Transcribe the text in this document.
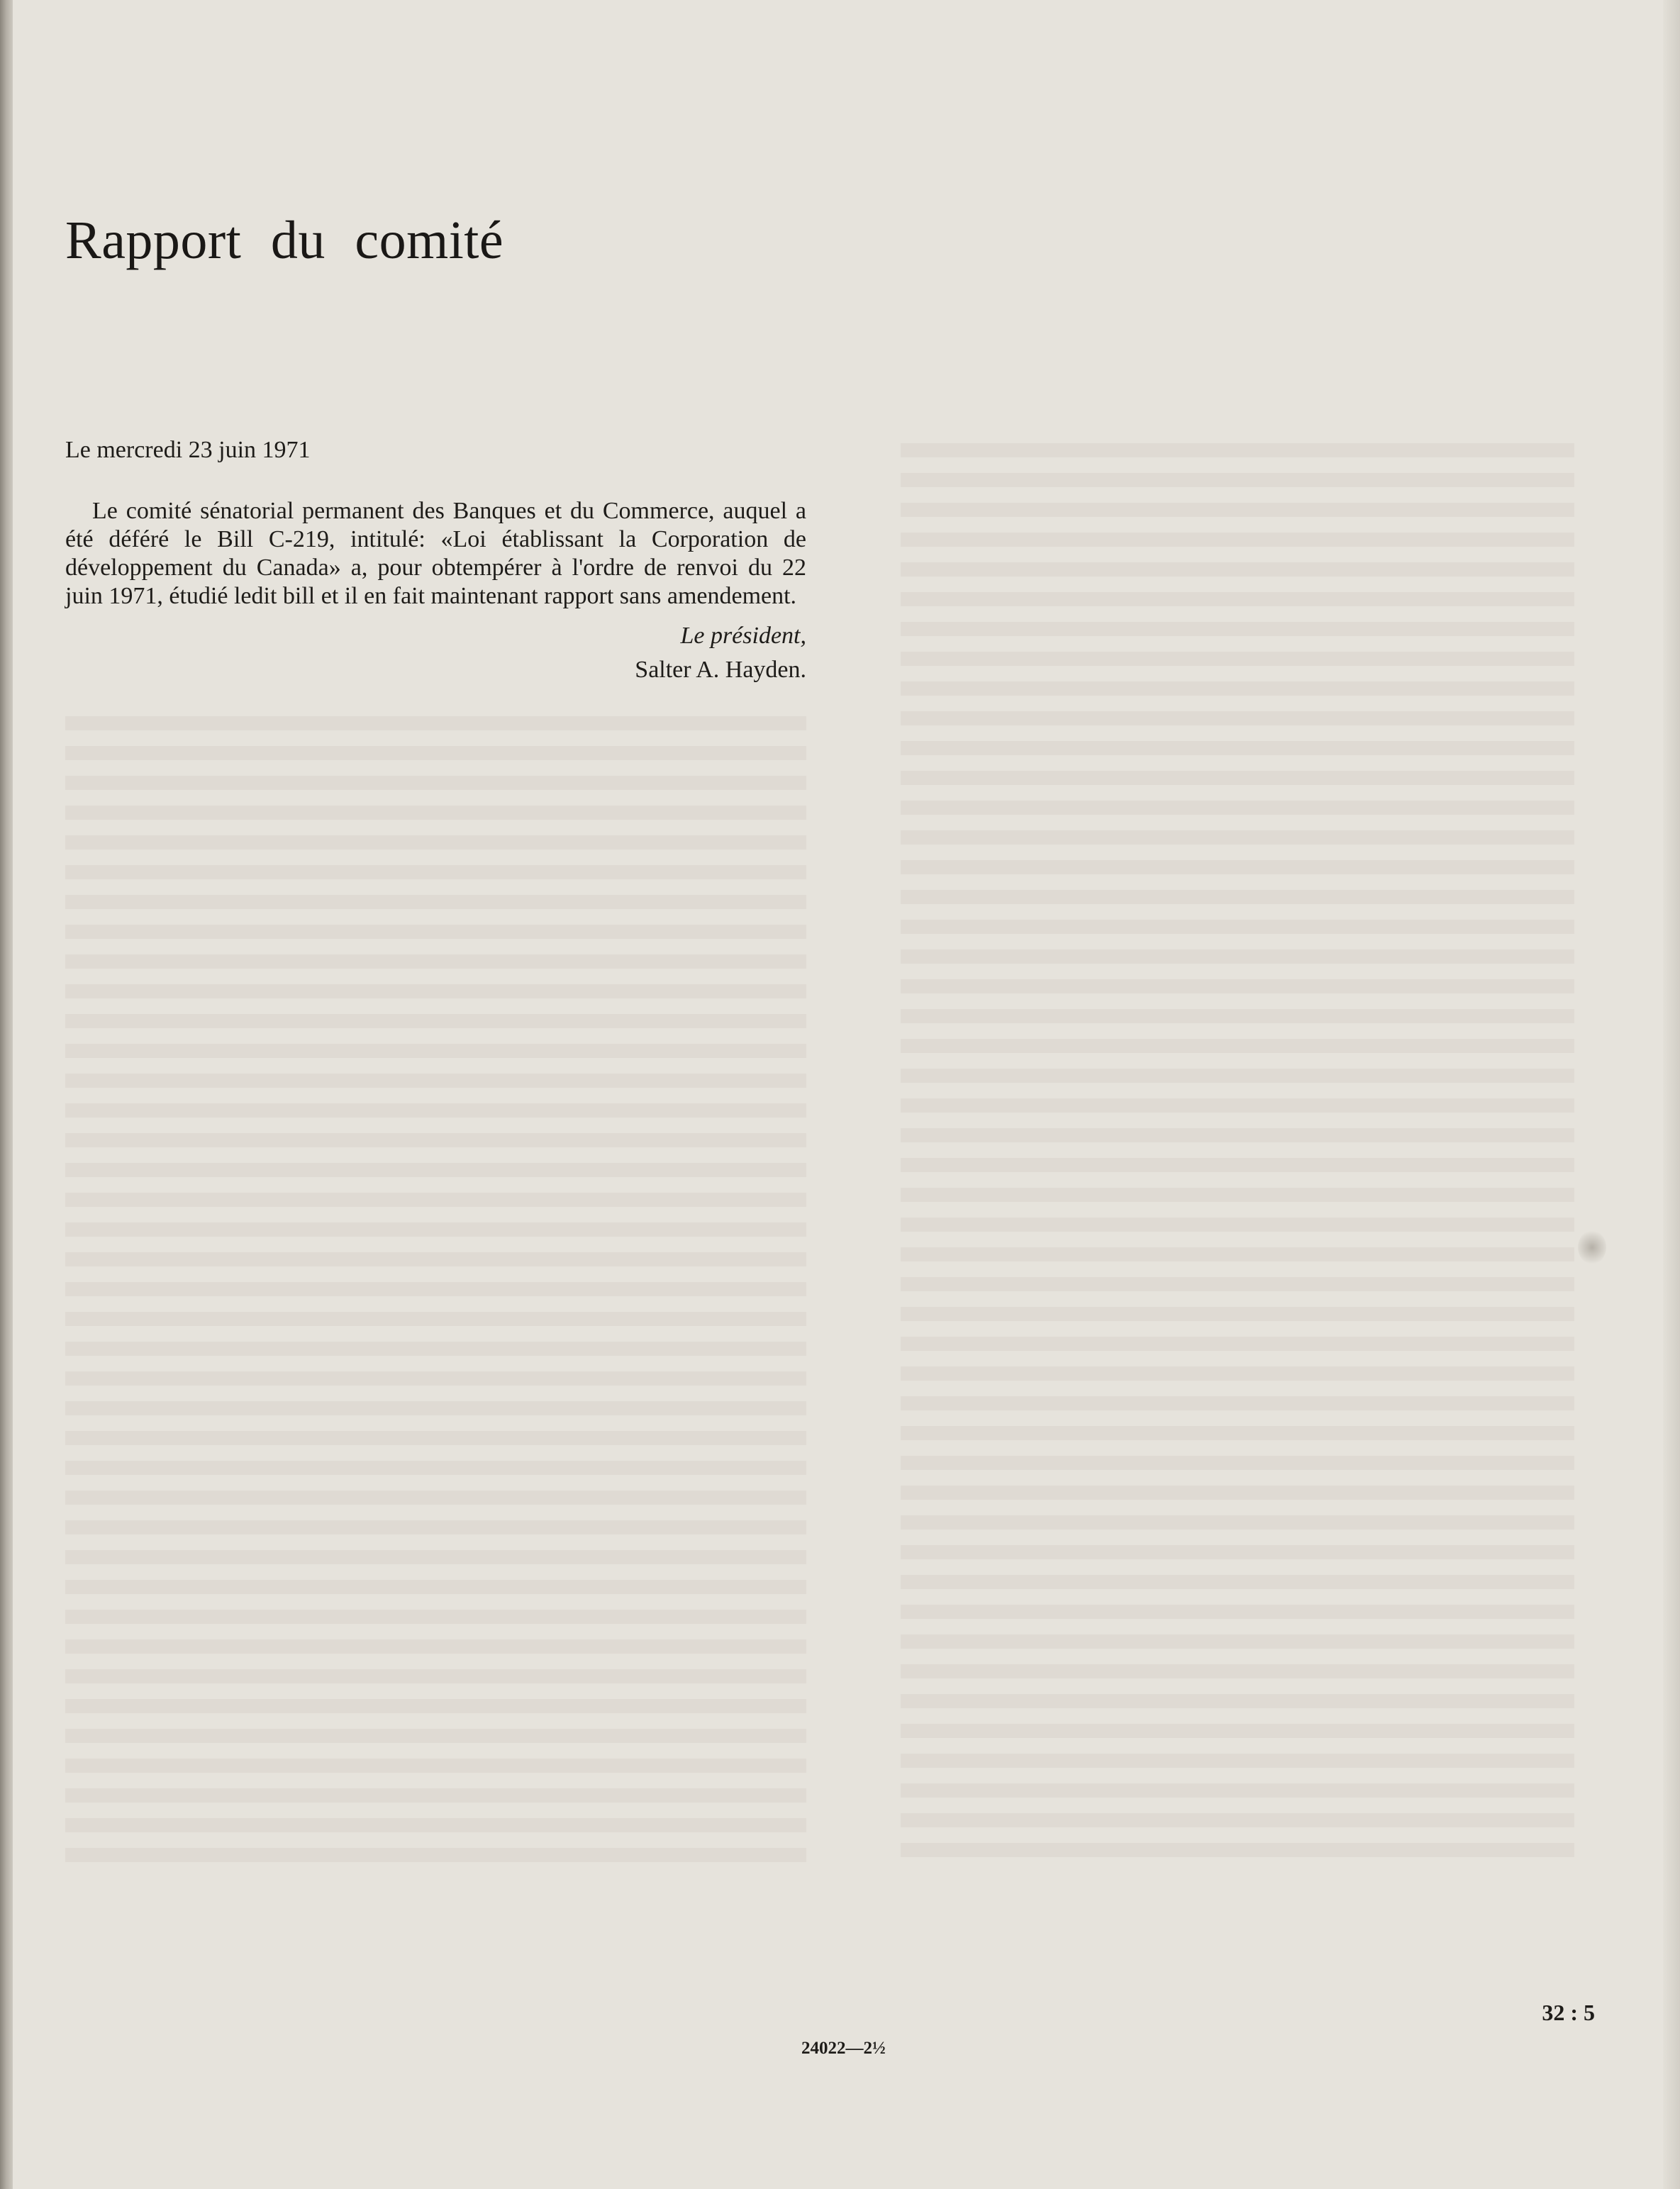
Rapport du comité

Le mercredi 23 juin 1971

Le comité sénatorial permanent des Banques et du Commerce, auquel a été déféré le Bill C-219, intitulé: «Loi établissant la Corporation de développement du Canada» a, pour obtempérer à l'ordre de renvoi du 22 juin 1971, étudié ledit bill et il en fait maintenant rapport sans amendement.

Le président,
Salter A. Hayden.
32 : 5
24022—2½
